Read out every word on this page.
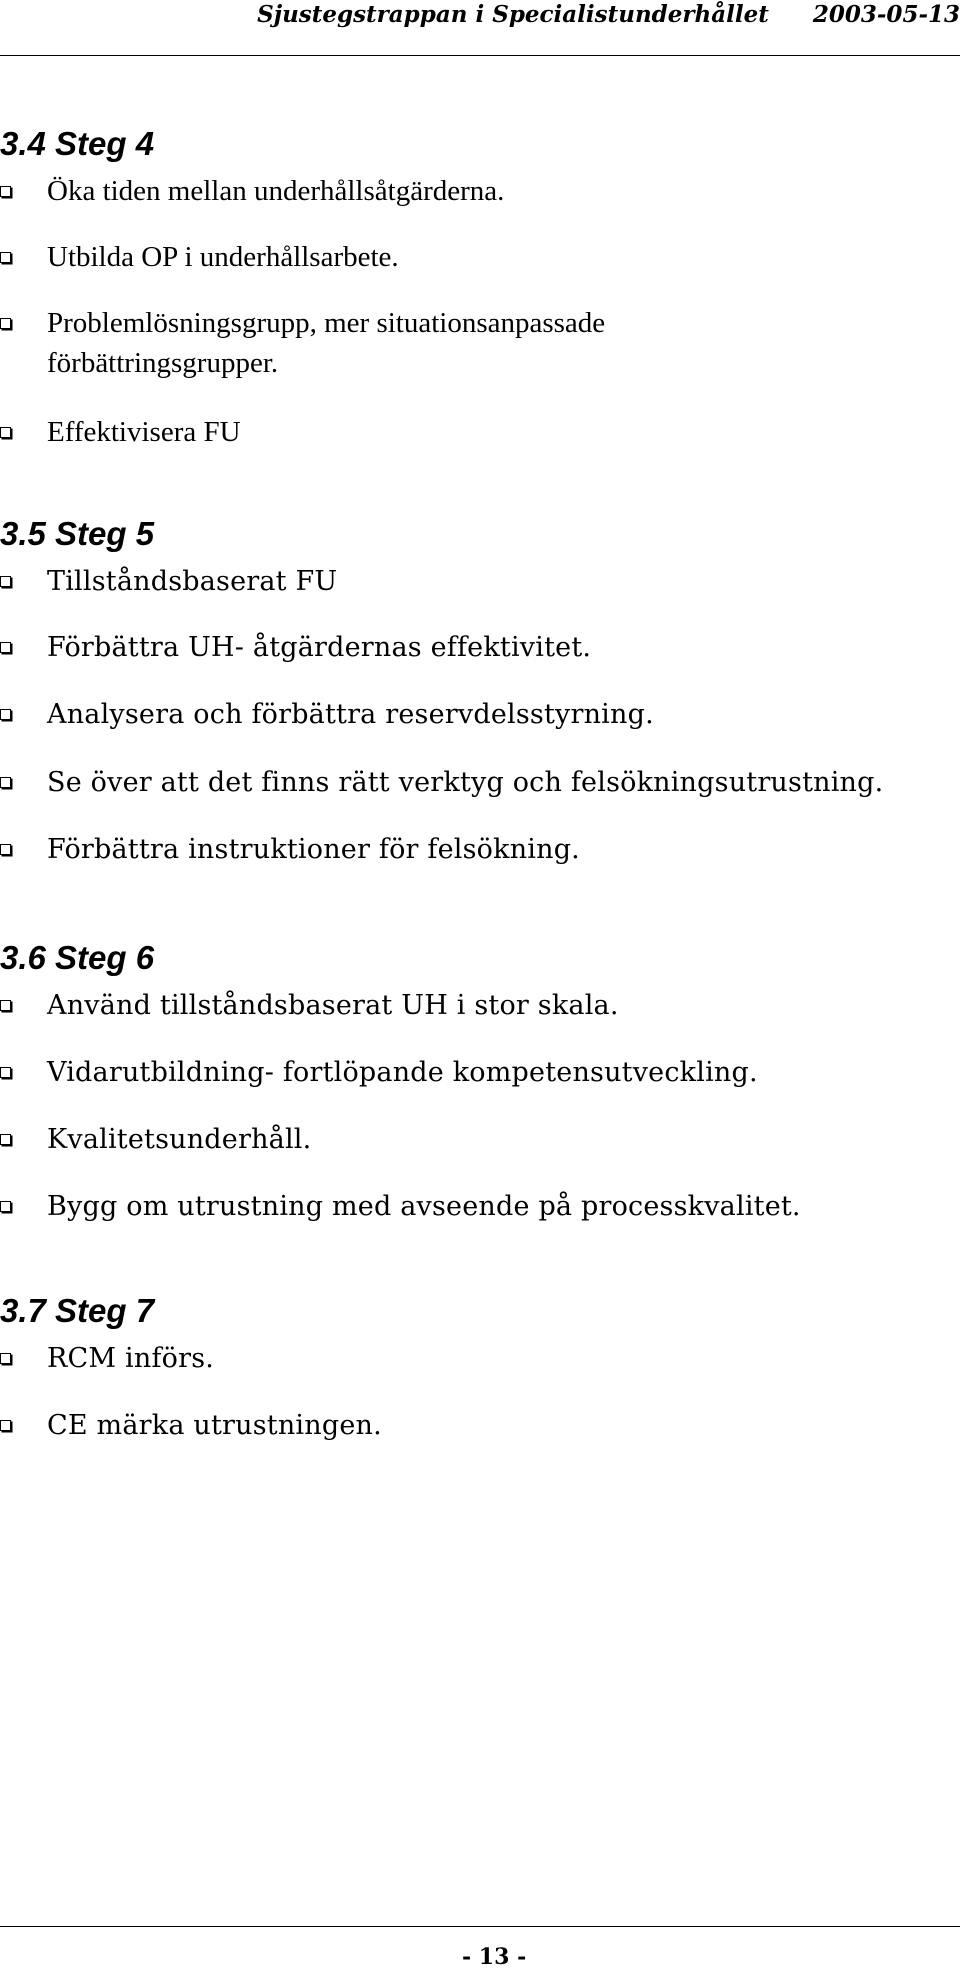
Sjustegstrappan i Specialistunderhållet 2003-05-13
3.4 Steg 4
Öka tiden mellan underhållsåtgärderna.
Utbilda OP i underhållsarbete.
Problemlösningsgrupp, mer situationsanpassade
förbättringsgrupper.
Effektivisera FU
3.5 Steg 5
Tillståndsbaserat FU
Förbättra UH- åtgärdernas effektivitet.
Analysera och förbättra reservdelsstyrning.
Se över att det finns rätt verktyg och felsökningsutrustning.
Förbättra instruktioner för felsökning.
3.6 Steg 6
Använd tillståndsbaserat UH i stor skala.
Vidarutbildning- fortlöpande kompetensutveckling.
Kvalitetsunderhåll.
Bygg om utrustning med avseende på processkvalitet.
3.7 Steg 7
RCM införs.
CE märka utrustningen.
- 13 -
